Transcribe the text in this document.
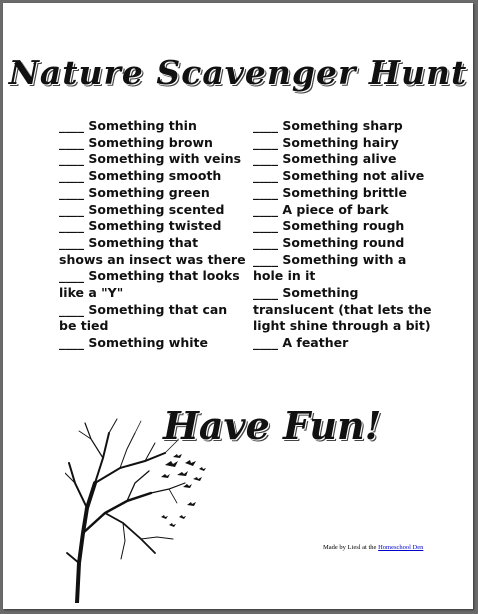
Nature Scavenger Hunt
____ Something thin
____ Something brown
____ Something with veins
____ Something smooth
____ Something green
____ Something scented
____ Something twisted
____ Something that
shows an insect was there
____ Something that looks
like a "Y"
____ Something that can
be tied
____ Something white
____ Something sharp
____ Something hairy
____ Something alive
____ Something not alive
____ Something brittle
____ A piece of bark
____ Something rough
____ Something round
____ Something with a
hole in it
____ Something
translucent (that lets the
light shine through a bit)
____ A feather
Have Fun!
Made by Liesl at the Homeschool Den
